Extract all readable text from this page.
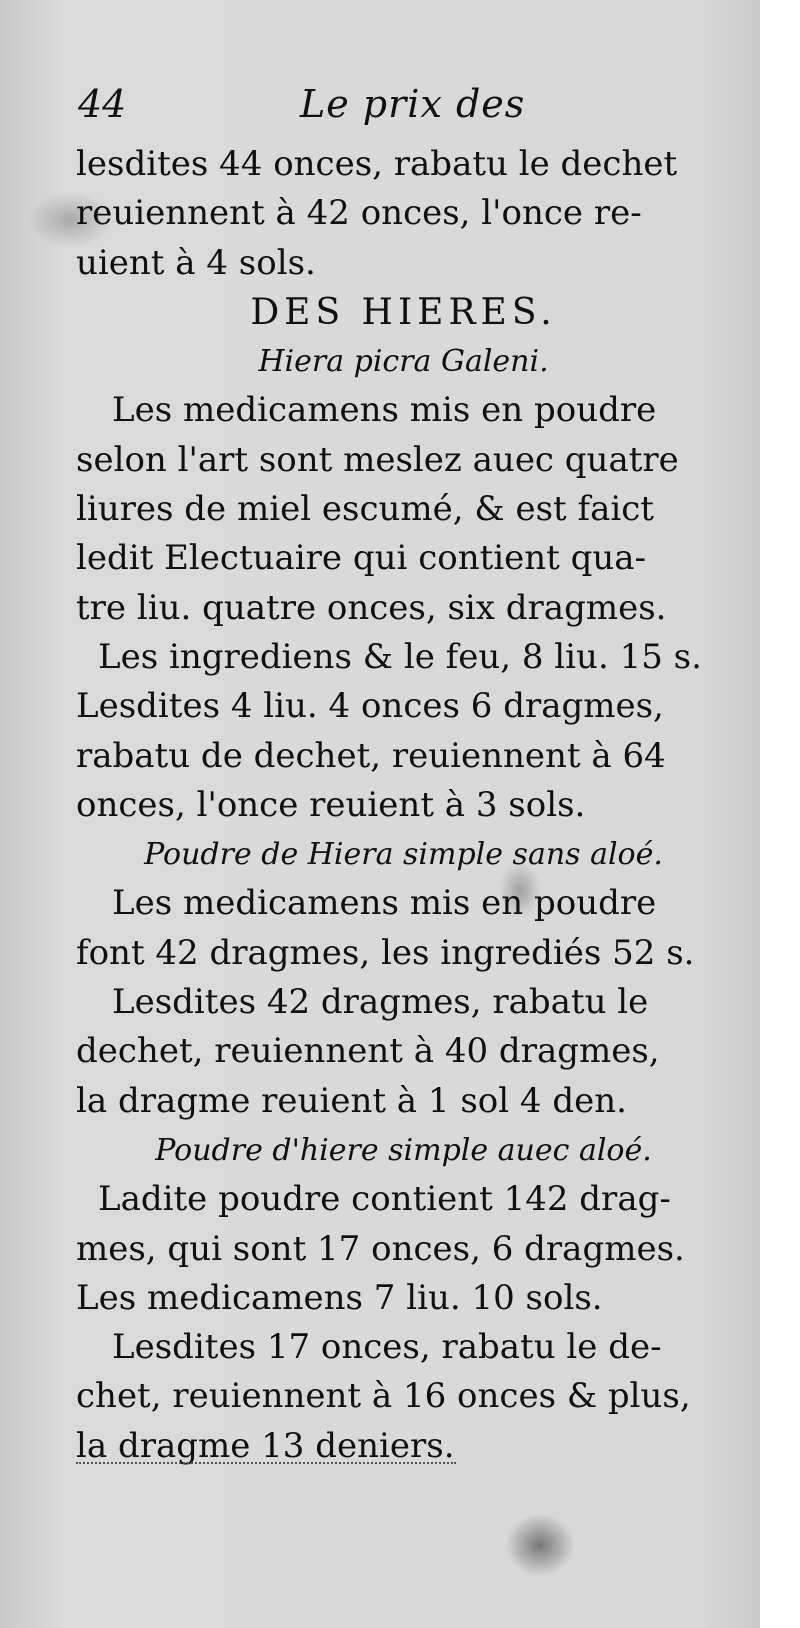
44	Le prix des
lesdites 44 onces, rabatu le dechet
reuiennent à 42 onces, l'once re-
uient à 4 sols.
DES HIERES.
Hiera picra Galeni.
Les medicamens mis en poudre
selon l'art sont meslez auec quatre
liures de miel escumé, & est faict
ledit Electuaire qui contient qua-
tre liu. quatre onces, six dragmes.
Les ingrediens & le feu, 8 liu. 15 s.
Lesdites 4 liu. 4 onces 6 dragmes,
rabatu de dechet, reuiennent à 64
onces, l'once reuient à 3 sols.
Poudre de Hiera simple sans aloé.
Les medicamens mis en poudre
font 42 dragmes, les ingrediés 52 s.
Lesdites 42 dragmes, rabatu le
dechet, reuiennent à 40 dragmes,
la dragme reuient à 1 sol 4 den.
Poudre d'hiere simple auec aloé.
Ladite poudre contient 142 drag-
mes, qui sont 17 onces, 6 dragmes.
Les medicamens 7 liu. 10 sols.
Lesdites 17 onces, rabatu le de-
chet, reuiennent à 16 onces & plus,
la dragme 13 deniers.
